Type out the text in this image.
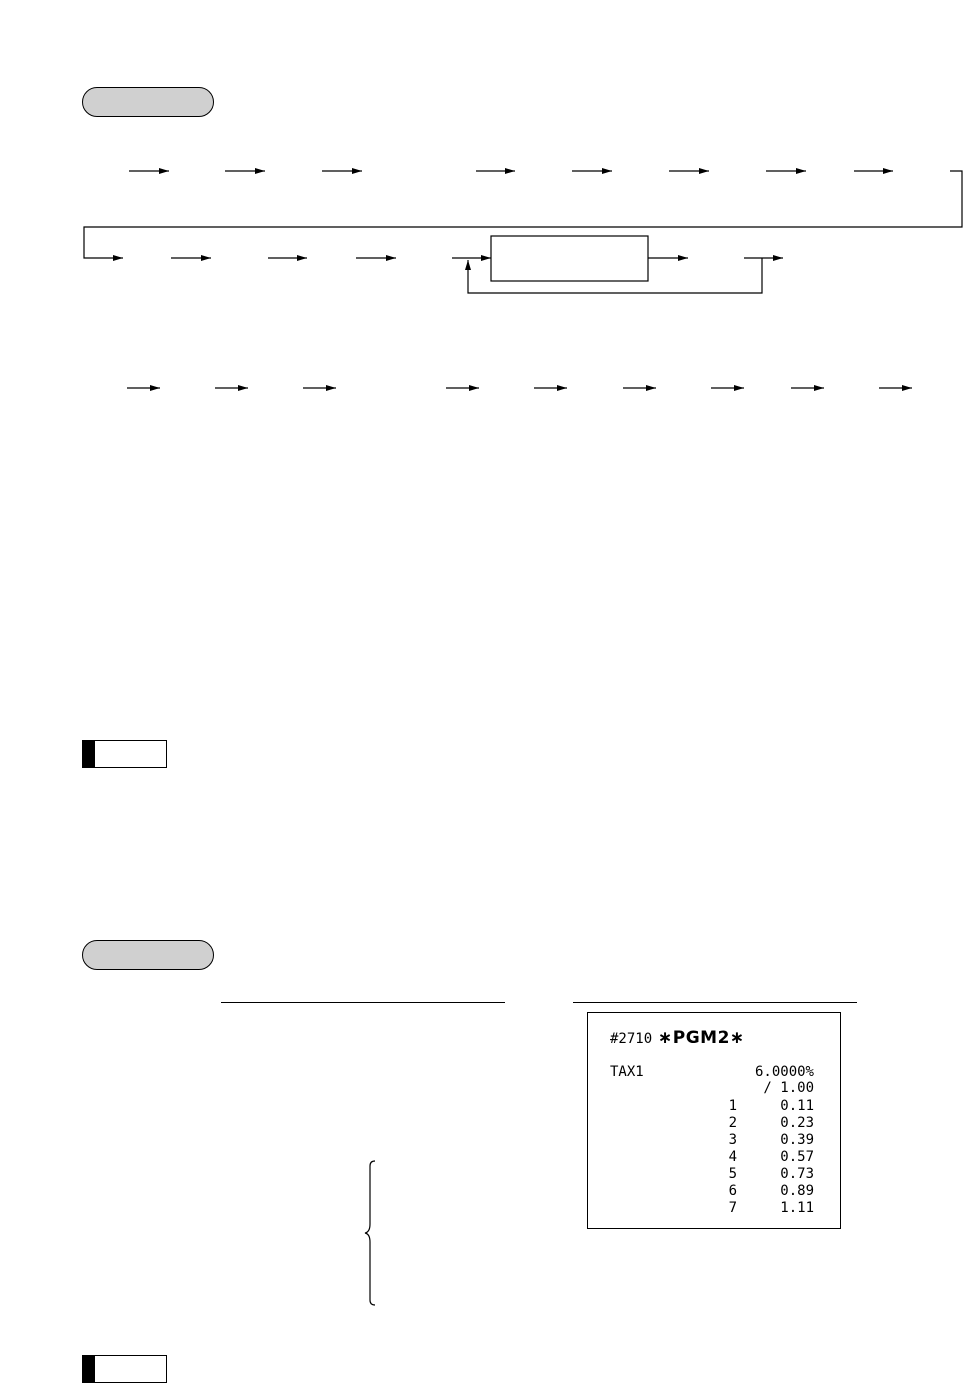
#2710 ∗PGM2∗
TAX1	6.0000%
/ 1.00
1	0.11
2	0.23
3	0.39
4	0.57
5	0.73
6	0.89
7	1.11
